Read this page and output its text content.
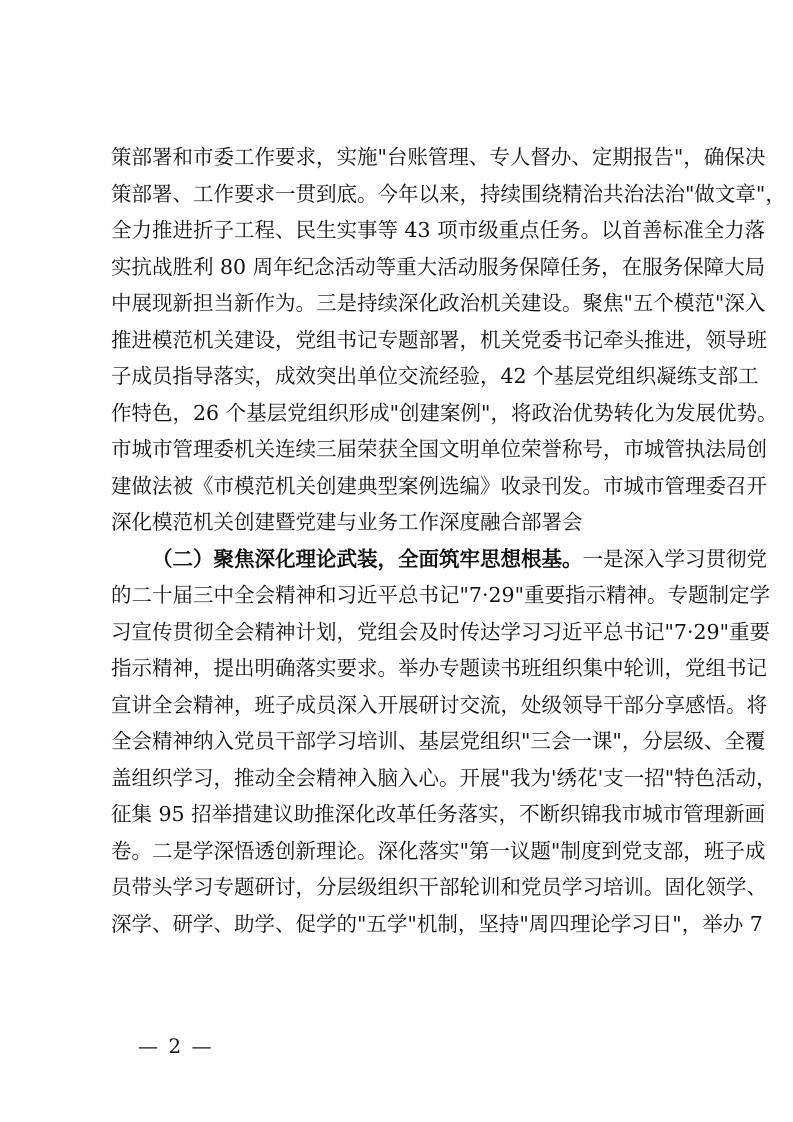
策部署和市委工作要求，实施"台账管理、专人督办、定期报告"，确保决
策部署、工作要求一贯到底。今年以来，持续围绕精治共治法治"做文章"，
全力推进折子工程、民生实事等 43 项市级重点任务。以首善标准全力落
实抗战胜利 80 周年纪念活动等重大活动服务保障任务，在服务保障大局
中展现新担当新作为。三是持续深化政治机关建设。聚焦"五个模范"深入
推进模范机关建设，党组书记专题部署，机关党委书记牵头推进，领导班
子成员指导落实，成效突出单位交流经验，42 个基层党组织凝练支部工
作特色，26 个基层党组织形成"创建案例"，将政治优势转化为发展优势。
市城市管理委机关连续三届荣获全国文明单位荣誉称号，市城管执法局创
建做法被《市模范机关创建典型案例选编》收录刊发。市城市管理委召开
深化模范机关创建暨党建与业务工作深度融合部署会
（二）聚焦深化理论武装，全面筑牢思想根基。一是深入学习贯彻党
的二十届三中全会精神和习近平总书记"7·29"重要指示精神。专题制定学
习宣传贯彻全会精神计划，党组会及时传达学习习近平总书记"7·29"重要
指示精神，提出明确落实要求。举办专题读书班组织集中轮训，党组书记
宣讲全会精神，班子成员深入开展研讨交流，处级领导干部分享感悟。将
全会精神纳入党员干部学习培训、基层党组织"三会一课"，分层级、全覆
盖组织学习，推动全会精神入脑入心。开展"我为'绣花'支一招"特色活动，
征集 95 招举措建议助推深化改革任务落实，不断织锦我市城市管理新画
卷。二是学深悟透创新理论。深化落实"第一议题"制度到党支部，班子成
员带头学习专题研讨，分层级组织干部轮训和党员学习培训。固化领学、
深学、研学、助学、促学的"五学"机制，坚持"周四理论学习日"，举办 7
— 2 —
